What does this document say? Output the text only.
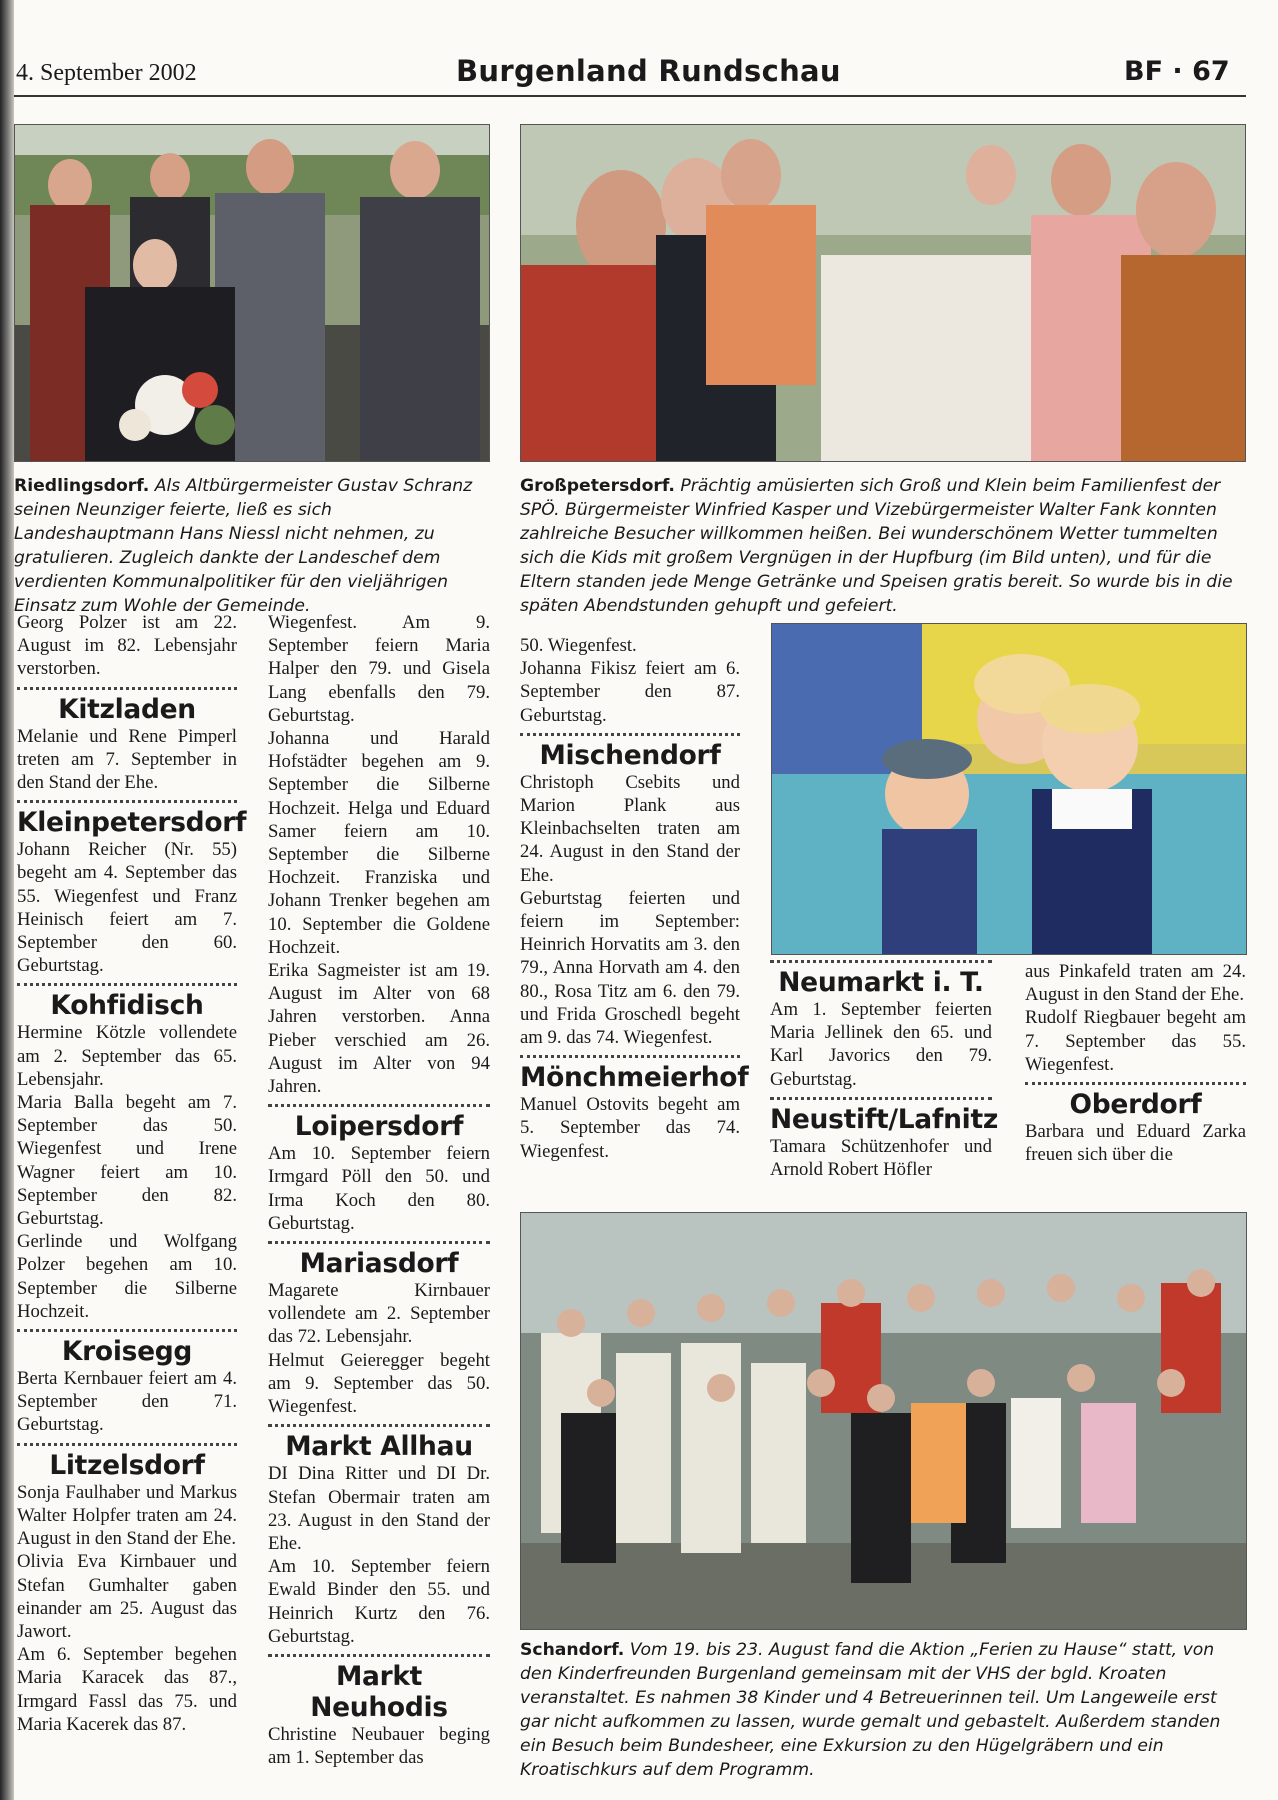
4. September 2002	Burgenland Rundschau	BF · 67
Riedlingsdorf. Als Altbürgermeister Gustav Schranz seinen Neunziger feierte, ließ es sich Landeshauptmann Hans Niessl nicht nehmen, zu gratulieren. Zugleich dankte der Landeschef dem verdienten Kommunalpolitiker für den vieljährigen Einsatz zum Wohle der Gemeinde.
Großpetersdorf. Prächtig amüsierten sich Groß und Klein beim Familienfest der SPÖ. Bürgermeister Winfried Kasper und Vizebürgermeister Walter Fank konnten zahlreiche Besucher willkommen heißen. Bei wunderschönem Wetter tummelten sich die Kids mit großem Vergnügen in der Hupfburg (im Bild unten), und für die Eltern standen jede Menge Getränke und Speisen gratis bereit. So wurde bis in die späten Abendstunden gehupft und gefeiert.

Georg Polzer ist am 22. August im 82. Lebensjahr verstorben.

Kitzladen

Melanie und Rene Pimperl treten am 7. September in den Stand der Ehe.

Kleinpetersdorf

Johann Reicher (Nr. 55) begeht am 4. September das 55. Wiegenfest und Franz Heinisch feiert am 7. September den 60. Geburtstag.

Kohfidisch

Hermine Kötzle vollendete am 2. September das 65. Lebensjahr.

Maria Balla begeht am 7. September das 50. Wiegenfest und Irene Wagner feiert am 10. September den 82. Geburtstag.

Gerlinde und Wolfgang Polzer begehen am 10. September die Silberne Hochzeit.

Kroisegg

Berta Kernbauer feiert am 4. September den 71. Geburtstag.

Litzelsdorf

Sonja Faulhaber und Markus Walter Holpfer traten am 24. August in den Stand der Ehe.

Olivia Eva Kirnbauer und Stefan Gumhalter gaben einander am 25. August das Jawort.

Am 6. September begehen Maria Karacek das 87., Irmgard Fassl das 75. und Maria Kacerek das 87.

Wiegenfest. Am 9. September feiern Maria Halper den 79. und Gisela Lang ebenfalls den 79. Geburtstag.

Johanna und Harald Hofstädter begehen am 9. September die Silberne Hochzeit. Helga und Eduard Samer feiern am 10. September die Silberne Hochzeit. Franziska und Johann Trenker begehen am 10. September die Goldene Hochzeit.

Erika Sagmeister ist am 19. August im Alter von 68 Jahren verstorben. Anna Pieber verschied am 26. August im Alter von 94 Jahren.

Loipersdorf

Am 10. September feiern Irmgard Pöll den 50. und Irma Koch den 80. Geburtstag.

Mariasdorf

Magarete Kirnbauer vollendete am 2. September das 72. Lebensjahr.

Helmut Geieregger begeht am 9. September das 50. Wiegenfest.

Markt Allhau

DI Dina Ritter und DI Dr. Stefan Obermair traten am 23. August in den Stand der Ehe.

Am 10. September feiern Ewald Binder den 55. und Heinrich Kurtz den 76. Geburtstag.

Markt Neuhodis

Christine Neubauer beging am 1. September das

50. Wiegenfest.

Johanna Fikisz feiert am 6. September den 87. Geburtstag.

Mischendorf

Christoph Csebits und Marion Plank aus Kleinbachselten traten am 24. August in den Stand der Ehe.

Geburtstag feierten und feiern im September: Heinrich Horvatits am 3. den 79., Anna Horvath am 4. den 80., Rosa Titz am 6. den 79. und Frida Groschedl begeht am 9. das 74. Wiegenfest.

Mönchmeierhof

Manuel Ostovits begeht am 5. September das 74. Wiegenfest.

Neumarkt i. T.

Am 1. September feierten Maria Jellinek den 65. und Karl Javorics den 79. Geburtstag.

Neustift/Lafnitz

Tamara Schützenhofer und Arnold Robert Höfler

aus Pinkafeld traten am 24. August in den Stand der Ehe.

Rudolf Riegbauer begeht am 7. September das 55. Wiegenfest.

Oberdorf

Barbara und Eduard Zarka freuen sich über die

Schandorf. Vom 19. bis 23. August fand die Aktion „Ferien zu Hause“ statt, von den Kinderfreunden Burgenland gemeinsam mit der VHS der bgld. Kroaten veranstaltet. Es nahmen 38 Kinder und 4 Betreuerinnen teil. Um Langeweile erst gar nicht aufkommen zu lassen, wurde gemalt und gebastelt. Außerdem standen ein Besuch beim Bundesheer, eine Exkursion zu den Hügelgräbern und ein Kroatischkurs auf dem Programm.
